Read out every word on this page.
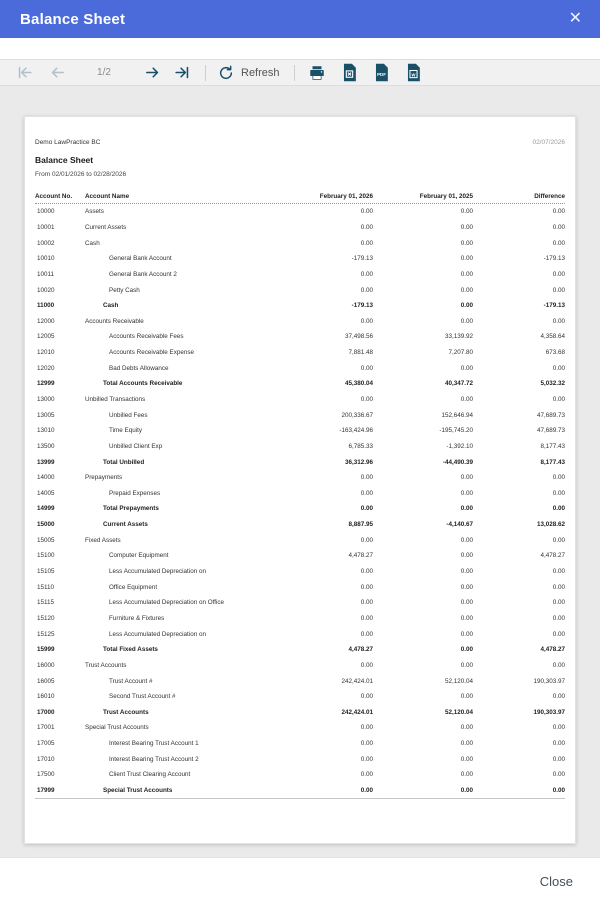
Balance Sheet	✕
1/2	Refresh	PDF	w
Demo LawPractice BC	02/07/2026
Balance Sheet
From 02/01/2026 to 02/28/2026
Account No.	Account Name	February 01, 2026	February 01, 2025	Difference
10000	Assets	0.00	0.00	0.00
10001	Current Assets	0.00	0.00	0.00
10002	Cash	0.00	0.00	0.00
10010	General Bank Account	-179.13	0.00	-179.13
10011	General Bank Account 2	0.00	0.00	0.00
10020	Petty Cash	0.00	0.00	0.00
11000	Cash	-179.13	0.00	-179.13
12000	Accounts Receivable	0.00	0.00	0.00
12005	Accounts Receivable Fees	37,498.56	33,139.92	4,358.64
12010	Accounts Receivable Expense	7,881.48	7,207.80	673.68
12020	Bad Debts Allowance	0.00	0.00	0.00
12999	Total Accounts Receivable	45,380.04	40,347.72	5,032.32
13000	Unbilled Transactions	0.00	0.00	0.00
13005	Unbilled Fees	200,336.67	152,646.94	47,689.73
13010	Time Equity	-163,424.96	-195,745.20	47,689.73
13500	Unbilled Client Exp	6,785.33	-1,392.10	8,177.43
13999	Total Unbilled	36,312.96	-44,490.39	8,177.43
14000	Prepayments	0.00	0.00	0.00
14005	Prepaid Expenses	0.00	0.00	0.00
14999	Total Prepayments	0.00	0.00	0.00
15000	Current Assets	8,887.95	-4,140.67	13,028.62
15005	Fixed Assets	0.00	0.00	0.00
15100	Computer Equipment	4,478.27	0.00	4,478.27
15105	Less Accumulated Depreciation on	0.00	0.00	0.00
15110	Office Equipment	0.00	0.00	0.00
15115	Less Accumulated Depreciation on Office	0.00	0.00	0.00
15120	Furniture & Fixtures	0.00	0.00	0.00
15125	Less Accumulated Depreciation on	0.00	0.00	0.00
15999	Total Fixed Assets	4,478.27	0.00	4,478.27
16000	Trust Accounts	0.00	0.00	0.00
16005	Trust Account #	242,424.01	52,120.04	190,303.97
16010	Second Trust Account #	0.00	0.00	0.00
17000	Trust Accounts	242,424.01	52,120.04	190,303.97
17001	Special Trust Accounts	0.00	0.00	0.00
17005	Interest Bearing Trust Account 1	0.00	0.00	0.00
17010	Interest Bearing Trust Account 2	0.00	0.00	0.00
17500	Client Trust Clearing Account	0.00	0.00	0.00
17999	Special Trust Accounts	0.00	0.00	0.00
Close
